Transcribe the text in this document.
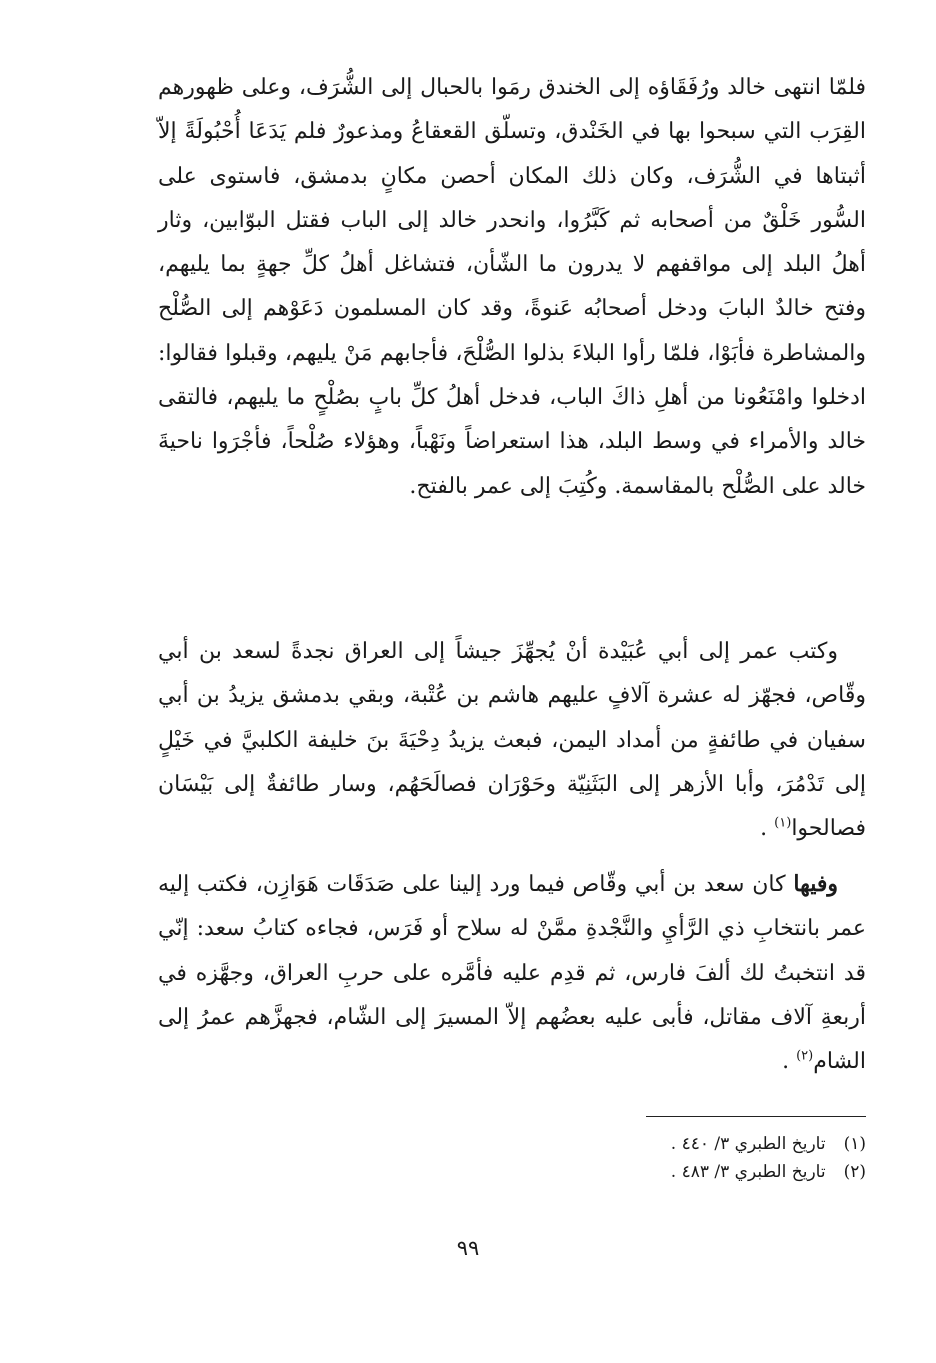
فلمّا انتهى خالد ورُفَقَاؤه إلى الخندق رمَوا بالحبال إلى الشُّرَف، وعلى ظهورهم القِرَب التي سبحوا بها في الخَنْدق، وتسلّق القعقاعُ ومذعورٌ فلم يَدَعَا أُحْبُولَةً إلاّ أثبتاها في الشُّرَف، وكان ذلك المكان أحصن مكانٍ بدمشق، فاستوى على السُّور خَلْقٌ من أصحابه ثم كَبَّرُوا، وانحدر خالد إلى الباب فقتل البوّابين، وثار أهلُ البلد إلى مواقفهم لا يدرون ما الشّأن، فتشاغل أهلُ كلِّ جهةٍ بما يليهم، وفتح خالدٌ البابَ ودخل أصحابُه عَنوةً، وقد كان المسلمون دَعَوْهم إلى الصُّلْح والمشاطرة فأبَوْا، فلمّا رأوا البلاءَ بذلوا الصُّلْحَ، فأجابهم مَنْ يليهم، وقبلوا فقالوا: ادخلوا وامْنَعُونا من أهلِ ذاكَ الباب، فدخل أهلُ كلِّ بابٍ بصُلْحٍ ما يليهم، فالتقى خالد والأمراء في وسط البلد، هذا استعراضاً ونَهْباً، وهؤلاء صُلْحاً، فأجْرَوا ناحيةَ خالد على الصُّلْح بالمقاسمة. وكُتِبَ إلى عمر بالفتح.
وكتب عمر إلى أبي عُبَيْدة أنْ يُجهِّزَ جيشاً إلى العراق نجدةً لسعد بن أبي وقّاص، فجهّز له عشرة آلافٍ عليهم هاشم بن عُتْبة، وبقي بدمشق يزيدُ بن أبي سفيان في طائفةٍ من أمداد اليمن، فبعث يزيدُ دِحْيَةَ بنَ خليفة الكلبيَّ في خَيْلٍ إلى تَدْمُرَ، وأبا الأزهر إلى البَثَنِيّة وحَوْرَان فصالَحَهُم، وسار طائفةٌ إلى بَيْسَان فصالحوا$^{(١)}$ .
وفيها كان سعد بن أبي وقّاص فيما ورد إلينا على صَدَقَات هَوَازِن، فكتب إليه عمر بانتخابِ ذي الرَّأيِ والنَّجْدةِ ممَّنْ له سلاح أو فَرَس، فجاءه كتابُ سعد: إنّي قد انتخبتُ لك ألفَ فارس، ثم قدِم عليه فأمَّره على حربِ العراق، وجهَّزه في أربعةِ آلاف مقاتل، فأبى عليه بعضُهم إلاّ المسيرَ إلى الشّام، فجهزَّهم عمرُ إلى الشام$^{(٢)}$ .
(١)تاريخ الطبري ٣/ ٤٤٠ .
(٢)تاريخ الطبري ٣/ ٤٨٣ .
٩٩
